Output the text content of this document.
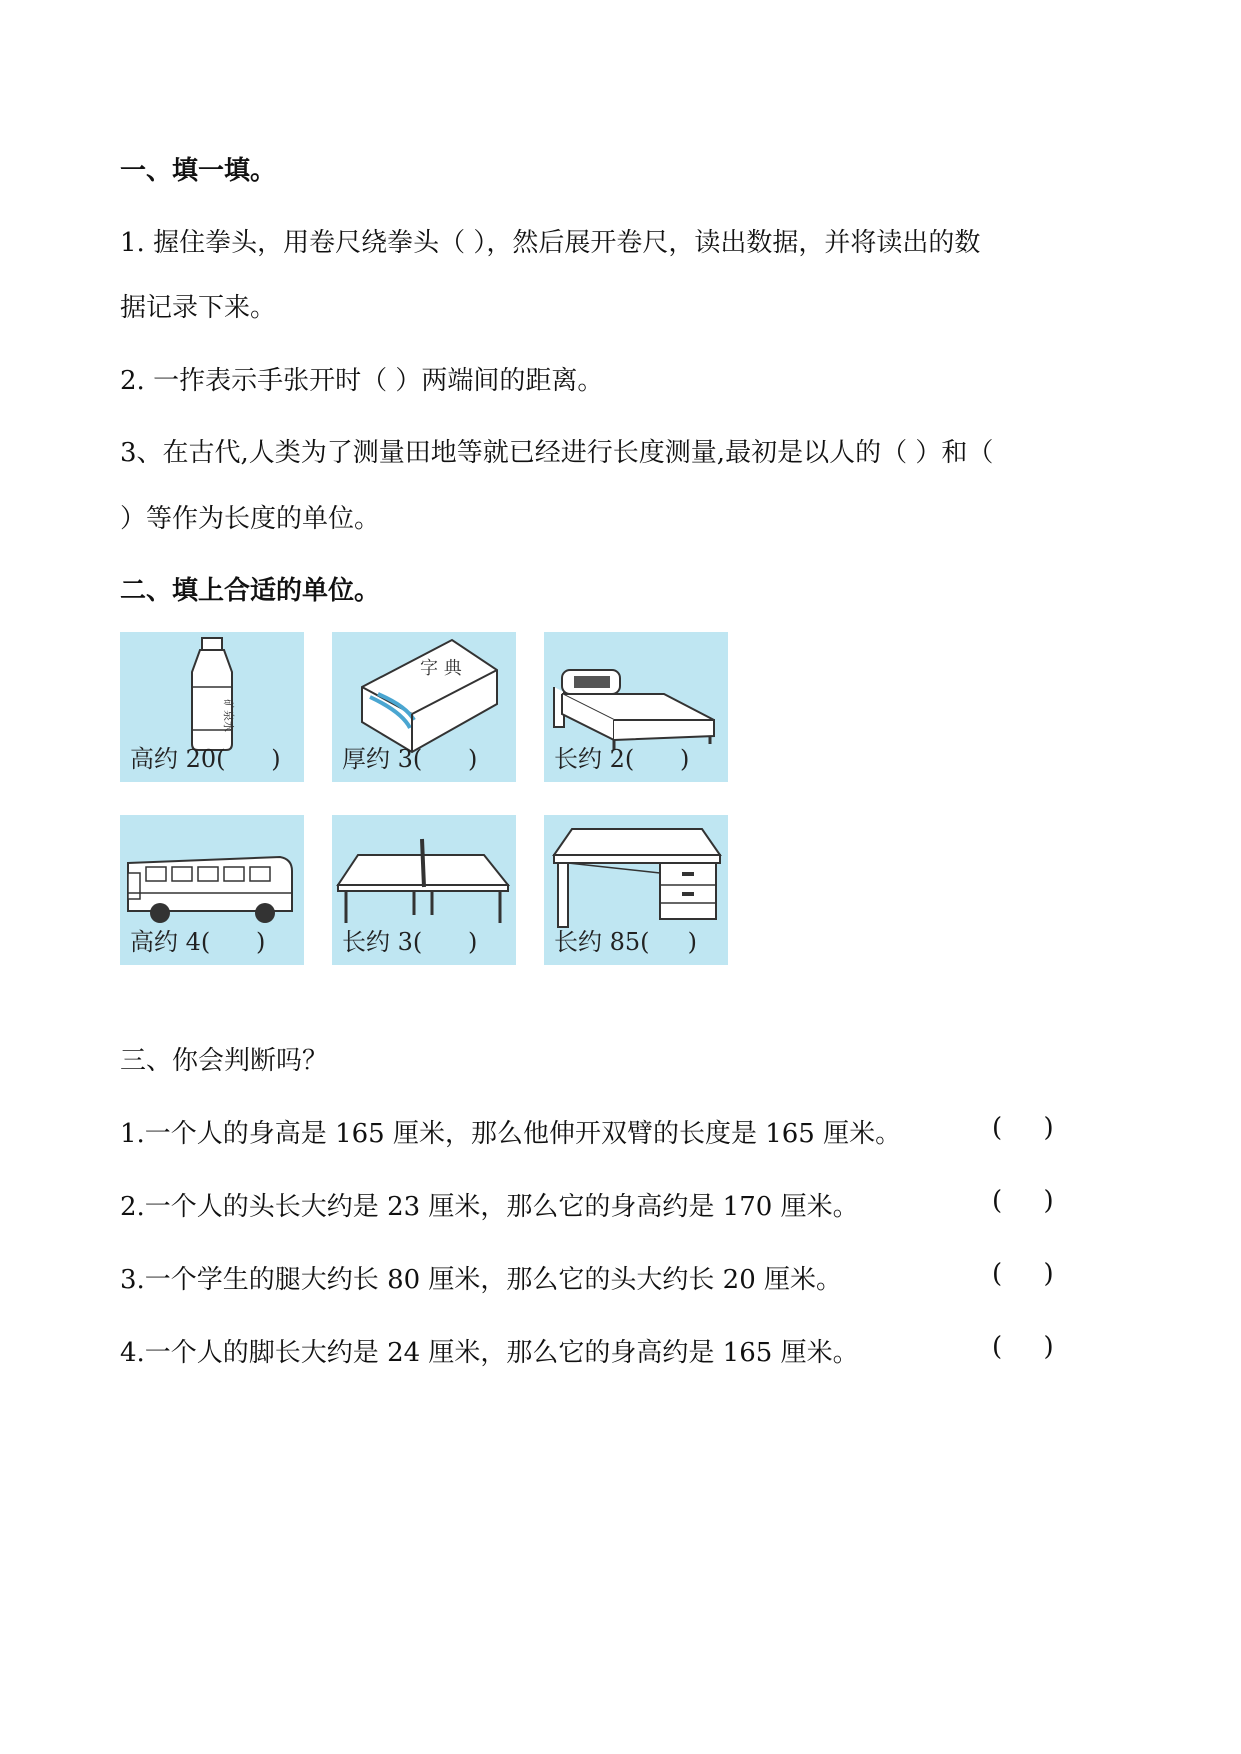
一、填一填。
1. 握住拳头，用卷尺绕拳头（ ），然后展开卷尺，读出数据，并将读出的数
据记录下来。
2. 一拃表示手张开时（ ）两端间的距离。
3、在古代,人类为了测量田地等就已经进行长度测量,最初是以人的（ ）和（
）等作为长度的单位。
二、填上合适的单位。
矿泉水
高约 20(      )
字 典
厚约 3(      )	长约 2(      )
高约 4(      )	长约 3(      )	长约 85(     )
三、你会判断吗？
1.一个人的身高是 165 厘米，那么他伸开双臂的长度是 165 厘米。	(     )
2.一个人的头长大约是 23 厘米，那么它的身高约是 170 厘米。	(     )
3.一个学生的腿大约长 80 厘米，那么它的头大约长 20 厘米。	(     )
4.一个人的脚长大约是 24 厘米，那么它的身高约是 165 厘米。	(     )
